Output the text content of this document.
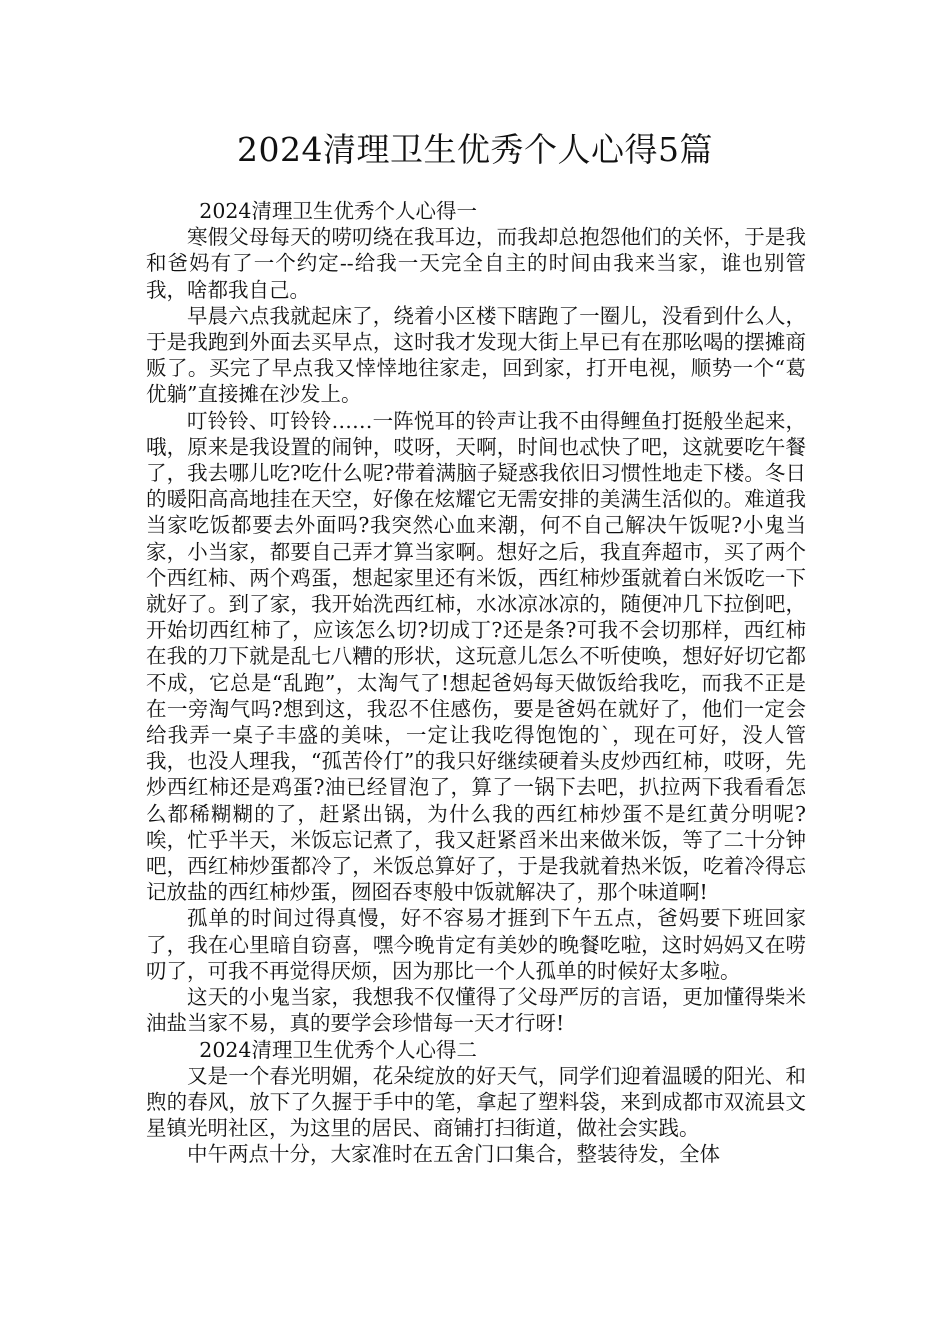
2024清理卫生优秀个人心得5篇

2024清理卫生优秀个人心得一

寒假父母每天的唠叨绕在我耳边，而我却总抱怨他们的关怀，于是我和爸妈有了一个约定--给我一天完全自主的时间由我来当家，谁也别管我，啥都我自己。

早晨六点我就起床了，绕着小区楼下瞎跑了一圈儿，没看到什么人，于是我跑到外面去买早点，这时我才发现大街上早已有在那吆喝的摆摊商贩了。买完了早点我又悻悻地往家走，回到家，打开电视，顺势一个“葛优躺”直接摊在沙发上。

叮铃铃、叮铃铃……一阵悦耳的铃声让我不由得鲤鱼打挺般坐起来，哦，原来是我设置的闹钟，哎呀，天啊，时间也忒快了吧，这就要吃午餐了，我去哪儿吃?吃什么呢?带着满脑子疑惑我依旧习惯性地走下楼。冬日的暖阳高高地挂在天空，好像在炫耀它无需安排的美满生活似的。难道我当家吃饭都要去外面吗?我突然心血来潮，何不自己解决午饭呢?小鬼当家，小当家，都要自己弄才算当家啊。想好之后，我直奔超市，买了两个个西红柿、两个鸡蛋，想起家里还有米饭，西红柿炒蛋就着白米饭吃一下就好了。到了家，我开始洗西红柿，水冰凉冰凉的，随便冲几下拉倒吧，开始切西红柿了，应该怎么切?切成丁?还是条?可我不会切那样，西红柿在我的刀下就是乱七八糟的形状，这玩意儿怎么不听使唤，想好好切它都不成，它总是“乱跑”，太淘气了!想起爸妈每天做饭给我吃，而我不正是在一旁淘气吗?想到这，我忍不住感伤，要是爸妈在就好了，他们一定会给我弄一桌子丰盛的美味，一定让我吃得饱饱的`，现在可好，没人管我，也没人理我，“孤苦伶仃”的我只好继续硬着头皮炒西红柿，哎呀，先炒西红柿还是鸡蛋?油已经冒泡了，算了一锅下去吧，扒拉两下我看看怎么都稀糊糊的了，赶紧出锅，为什么我的西红柿炒蛋不是红黄分明呢?唉，忙乎半天，米饭忘记煮了，我又赶紧舀米出来做米饭，等了二十分钟吧，西红柿炒蛋都冷了，米饭总算好了，于是我就着热米饭，吃着冷得忘记放盐的西红柿炒蛋，囫囵吞枣般中饭就解决了，那个味道啊!

孤单的时间过得真慢，好不容易才捱到下午五点，爸妈要下班回家了，我在心里暗自窃喜，嘿今晚肯定有美妙的晚餐吃啦，这时妈妈又在唠叨了，可我不再觉得厌烦，因为那比一个人孤单的时候好太多啦。

这天的小鬼当家，我想我不仅懂得了父母严厉的言语，更加懂得柴米油盐当家不易，真的要学会珍惜每一天才行呀!

2024清理卫生优秀个人心得二

又是一个春光明媚，花朵绽放的好天气，同学们迎着温暖的阳光、和煦的春风，放下了久握于手中的笔，拿起了塑料袋，来到成都市双流县文星镇光明社区，为这里的居民、商铺打扫街道，做社会实践。

中午两点十分，大家准时在五舍门口集合，整装待发，全体
